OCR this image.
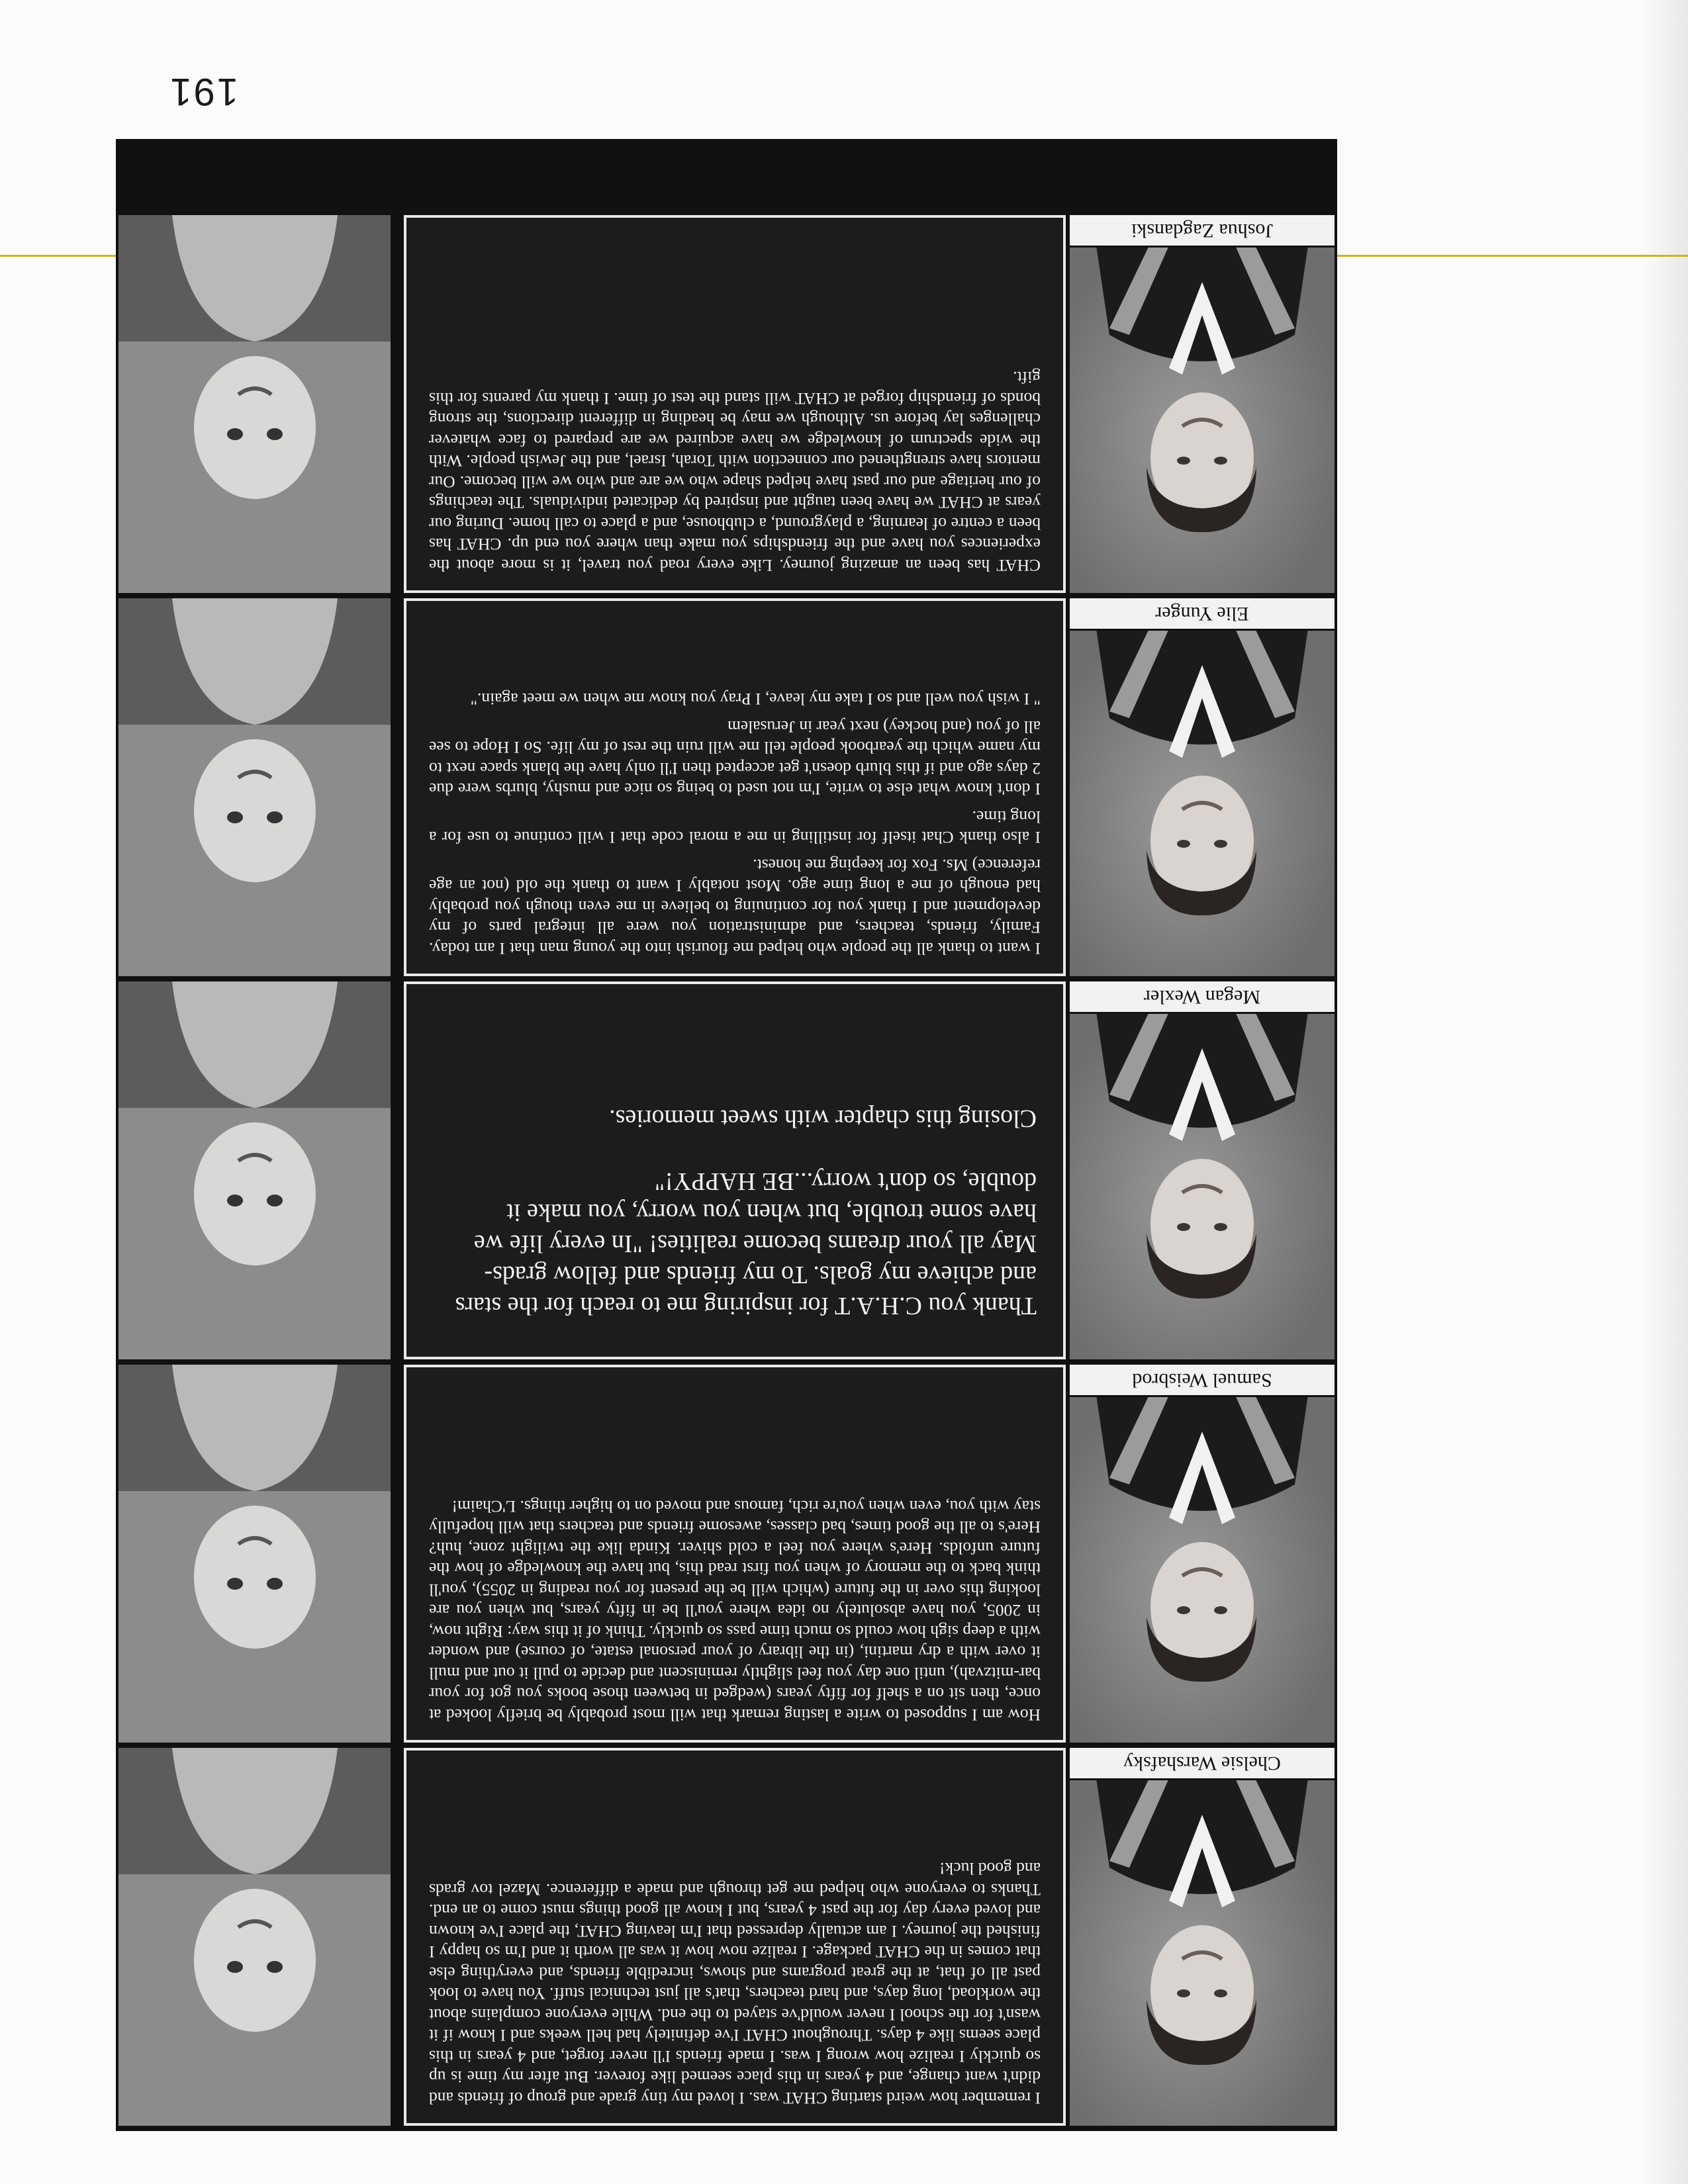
191
Chelsie Warshafsky

I remember how weird starting CHAT was. I loved my tiny grade and group of friends and didn't want change, and 4 years in this place seemed like forever. But after my time is up so quickly I realize how wrong I was. I made friends I'll never forget, and 4 years in this place seems like 4 days. Throughout CHAT I've definitely had hell weeks and I know if it wasn't for the school I never would've stayed to the end. While everyone complains about the workload, long days, and hard teachers, that's all just technical stuff. You have to look past all of that, at the great programs and shows, incredible friends, and everything else that comes in the CHAT package. I realize now how it was all worth it and I'm so happy I finished the journey. I am actually depressed that I'm leaving CHAT, the place I've known and loved every day for the past 4 years, but I know all good things must come to an end. Thanks to everyone who helped me get through and made a difference. Mazel tov grads and good luck!

Samuel Weisbrod

How am I supposed to write a lasting remark that will most probably be briefly looked at once, then sit on a shelf for fifty years (wedged in between those books you got for your bar-mitzvah), until one day you feel slightly reminiscent and decide to pull it out and mull it over with a dry martini, (in the library of your personal estate, of course) and wonder with a deep sigh how could so much time pass so quickly. Think of it this way: Right now, in 2005, you have absolutely no idea where you'll be in fifty years, but when you are looking this over in the future (which will be the present for you reading in 2055), you'll think back to the memory of when you first read this, but have the knowledge of how the future unfolds. Here's where you feel a cold shiver. Kinda like the twilight zone, huh? Here's to all the good times, bad classes, awesome friends and teachers that will hopefully stay with you, even when you're rich, famous and moved on to higher things. L'Chaim!

Megan Wexler

Thank you C.H.A.T for inspiring me to reach for the stars and achieve my goals. To my friends and fellow grads- May all your dreams become realities! "In every life we have some trouble, but when you worry, you make it double, so don't worry...BE HAPPY!"

Closing this chapter with sweet memories.

Elie Yunger

I want to thank all the people who helped me flourish into the young man that I am today. Family, friends, teachers, and administration you were all integral parts of my development and I thank you for continuing to believe in me even though you probably had enough of me a long time ago. Most notably I want to thank the old (not an age reference) Ms. Fox for keeping me honest.

I also thank Chat itself for instilling in me a moral code that I will continue to use for a long time.

I don't know what else to write, I'm not used to being so nice and mushy, blurbs were due 2 days ago and if this blurb doesn't get accepted then I'll only have the blank space next to my name which the yearbook people tell me will ruin the rest of my life. So I Hope to see all of you (and hockey) next year in Jerusalem

" I wish you well and so I take my leave, I Pray you know me when we meet again."

Joshua Zagdanski

CHAT has been an amazing journey. Like every road you travel, it is more about the experiences you have and the friendships you make than where you end up. CHAT has been a centre of learning, a playground, a clubhouse, and a place to call home. During our years at CHAT we have been taught and inspired by dedicated individuals. The teachings of our heritage and our past have helped shape who we are and who we will become. Our mentors have strengthened our connection with Torah, Israel, and the Jewish people. With the wide spectrum of knowledge we have acquired we are prepared to face whatever challenges lay before us. Although we may be heading in different directions, the strong bonds of friendship forged at CHAT will stand the test of time. I thank my parents for this gift.
